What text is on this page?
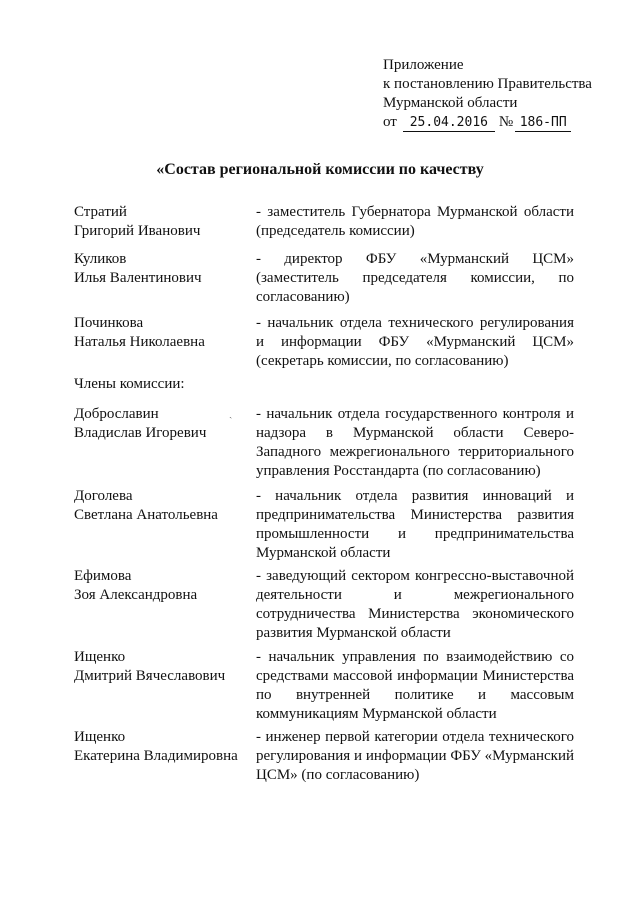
Приложение
к постановлению Правительства
Мурманской области
от 25.04.2016 № 186-ПП
«Состав региональной комиссии по качеству
Стратий
Григорий Иванович
- заместитель Губернатора Мурманской области (председатель комиссии)
Куликов
Илья Валентинович
- директор ФБУ «Мурманский ЦСМ» (заместитель председателя комиссии, по согласованию)
Починкова
Наталья Николаевна
- начальник отдела технического регулирования и информации ФБУ «Мурманский ЦСМ» (секретарь комиссии, по согласованию)
Члены комиссии:
ˏ
Доброславин
Владислав Игоревич
- начальник отдела государственного контроля и надзора в Мурманской области Северо-Западного межрегионального территориального управления Росстандарта (по согласованию)
Доголева
Светлана Анатольевна
- начальник отдела развития инноваций и предпринимательства Министерства развития промышленности и предпринимательства Мурманской области
Ефимова
Зоя Александровна
- заведующий сектором конгрессно-выставочной деятельности и межрегионального сотрудничества Министерства экономического развития Мурманской области
Ищенко
Дмитрий Вячеславович
- начальник управления по взаимодействию со средствами массовой информации Министерства по внутренней политике и массовым коммуникациям Мурманской области
Ищенко
Екатерина Владимировна
- инженер первой категории отдела технического регулирования и информации ФБУ «Мурманский ЦСМ» (по согласованию)
